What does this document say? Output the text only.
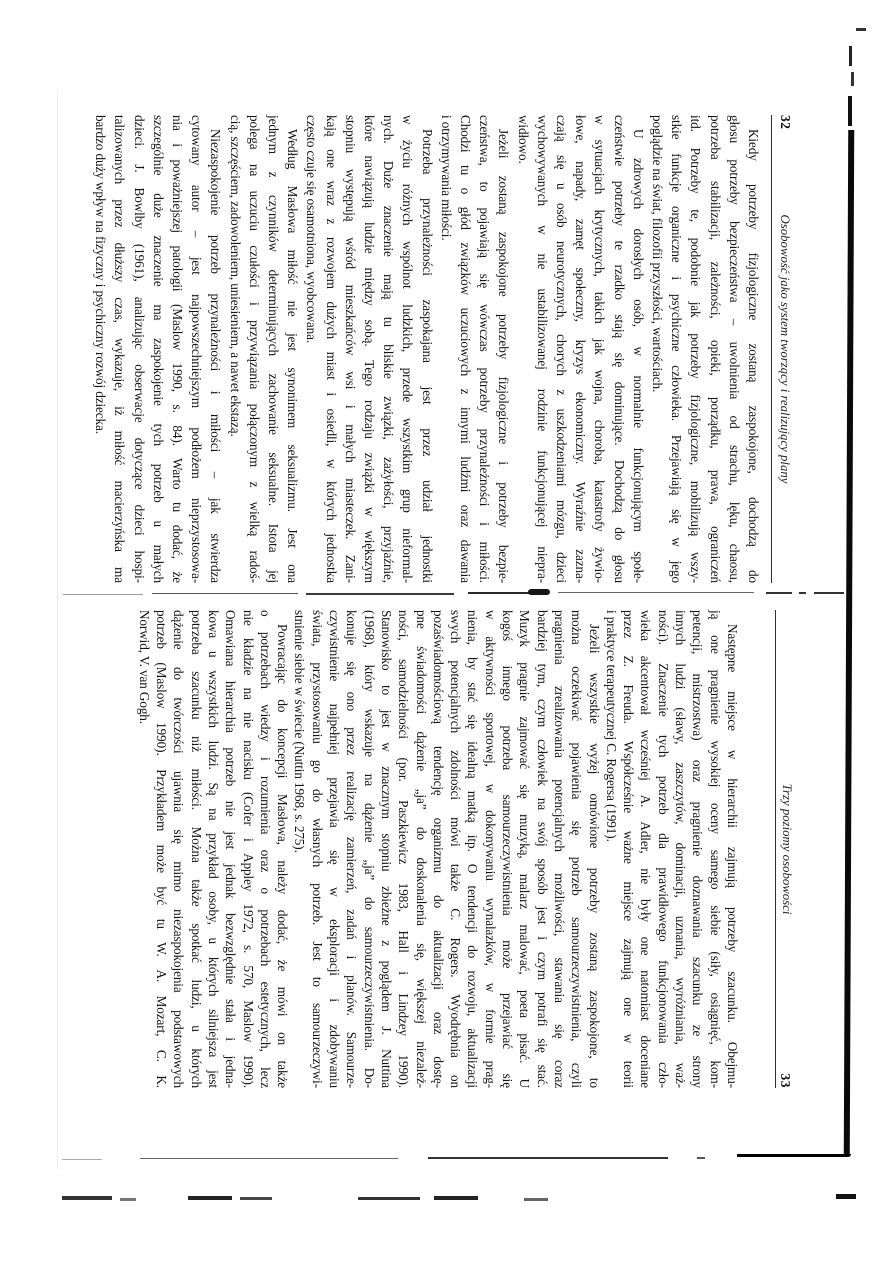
32
Osobowość jako system tworzący i realizujący plany
Kiedy potrzeby fizjologiczne zostaną zaspokojone, dochodzą do
głosu potrzeby bezpieczeństwa – uwolnienia od strachu, lęku, chaosu,
potrzeba stabilizacji, zależności, opieki, porządku, prawa, ograniczeń
itd. Potrzeby te, podobnie jak potrzeby fizjologiczne, mobilizują wszy-
stkie funkcje organiczne i psychiczne człowieka. Przejawiają się w jego
poglądzie na świat, filozofii przyszłości, wartościach.
U zdrowych dorosłych osób, w normalnie funkcjonującym społe-
czeństwie potrzeby te rzadko stają się dominujące. Dochodzą do głosu
w sytuacjach krytycznych, takich jak wojna, choroba, katastrofy żywio-
łowe, napady, zamęt społeczny, kryzys ekonomiczny. Wyraźnie zazna-
czają się u osób neurotycznych, chorych z uszkodzeniami mózgu, dzieci
wychowywanych w nie ustabilizowanej rodzinie funkcjonującej niepra-
widłowo.
Jeżeli zostaną zaspokojone potrzeby fizjologiczne i potrzeby bezpie-
czeństwa, to pojawiają się wówczas potrzeby przynależności i miłości.
Chodzi tu o głód związków uczuciowych z innymi ludźmi oraz dawania
i otrzymywania miłości.
Potrzeba przynależności zaspokajana jest przez udział jednostki
w życiu różnych wspólnot ludzkich, przede wszystkim grup nieformal-
nych. Duże znaczenie mają tu bliskie związki, zażyłości, przyjaźnie,
które nawiązują ludzie między sobą. Tego rodzaju związki w większym
stopniu występują wśród mieszkańców wsi i małych miasteczek. Zani-
kają one wraz z rozwojem dużych miast i osiedli, w których jednostka
często czuje się osamotniona, wyobcowana.
Według Masłowa miłość nie jest synonimem seksualizmu. Jest ona
jednym z czynników determinujących zachowanie seksualne. Istota jej
polega na uczuciu czułości i przywiązania połączonym z wielką radoś-
cią, szczęściem, zadowoleniem, uniesieniem, a nawet ekstazą.
Niezaspokojenie potrzeb przynależności i miłości – jak stwierdza
cytowany autor – jest najpowszechniejszym podłożem nieprzystosowa-
nia i poważniejszej patologii (Maslow 1990, s. 84). Warto tu dodać, że
szczególnie duże znaczenie ma zaspokojenie tych potrzeb u małych
dzieci. J. Bowlby (1961), analizując obserwacje dotyczące dzieci hospi-
talizowanych przez dłuższy czas, wykazuje, iż miłość macierzyńska ma
bardzo duży wpływ na fizyczny i psychiczny rozwój dziecka.
Trzy poziomy osobowości
33
Następne miejsce w hierarchii zajmują potrzeby szacunku. Obejmu-
ją one pragnienie wysokiej oceny samego siebie (siły, osiągnięć, kom-
petencji, mistrzostwa) oraz pragnienie doznawania szacunku ze strony
innych ludzi (sławy, zaszczytów, dominacji, uznania, wyróżniania, waż-
ności). Znaczenie tych potrzeb dla prawidłowego funkcjonowania czło-
wieka akcentował wcześniej A. Adler, nie były one natomiast doceniane
przez Z. Freuda. Współcześnie ważne miejsce zajmują one w teorii
i praktyce terapeutycznej C. Rogersa (1991).
Jeżeli wszystkie wyżej omówione potrzeby zostaną zaspokojone, to
można oczekiwać pojawienia się potrzeb samourzeczywistnienia, czyli
pragnienia zrealizowania potencjalnych możliwości, stawania się coraz
bardziej tym, czym człowiek na swój sposób jest i czym potrafi się stać.
Muzyk pragnie zajmować się muzyką, malarz malować, poeta pisać. U
kogoś innego potrzeba samourzeczywistnienia może przejawiać się
w aktywności sportowej, w dokonywaniu wynalazków, w formie prag-
nienia, by stać się idealną matką itp. O tendencji do rozwoju, aktualizacji
swych potencjalnych zdolności mówi także C. Rogers. Wyodrębnia on
pozaświadomościową tendencję organizmu do aktualizacji oraz dostę-
pne świadomości dążenie „ja” do doskonalenia się, większej niezależ-
ności, samodzielności (por. Paszkiewicz 1983, Hall i Lindzey 1990).
Stanowisko to jest w znacznym stopniu zbieżne z poglądem J. Nuttina
(1968), który wskazuje na dążenie „ja” do samourzeczywistnienia. Do-
konuje się ono przez realizację zamierzeń, zadań i planów. Samourze-
czywistnienie najpełniej przejawia się w eksploracji i zdobywaniu
świata, przystosowaniu go do własnych potrzeb. Jest to samourzeczywi-
stnienie siebie w świecie (Nuttin 1968, s. 275).
Powracając do koncepcji Masłowa, należy dodać, że mówi on także
o potrzebach wiedzy i rozumienia oraz o potrzebach estetycznych, lecz
nie kładzie na nie nacisku (Cofer i Appley 1972, s. 570, Maslow 1990).
Omawiana hierarchia potrzeb nie jest jednak bezwzględnie stała i jedna-
kowa u wszystkich ludzi. Są na przykład osoby, u których silniejsza jest
potrzeba szacunku niż miłości. Można także spotkać ludzi, u których
dążenie do twórczości ujawnia się mimo niezaspokojenia podstawowych
potrzeb (Maslow 1990). Przykładem może być tu W. A. Mozart, C. K.
Norwid, V. van Gogh.
